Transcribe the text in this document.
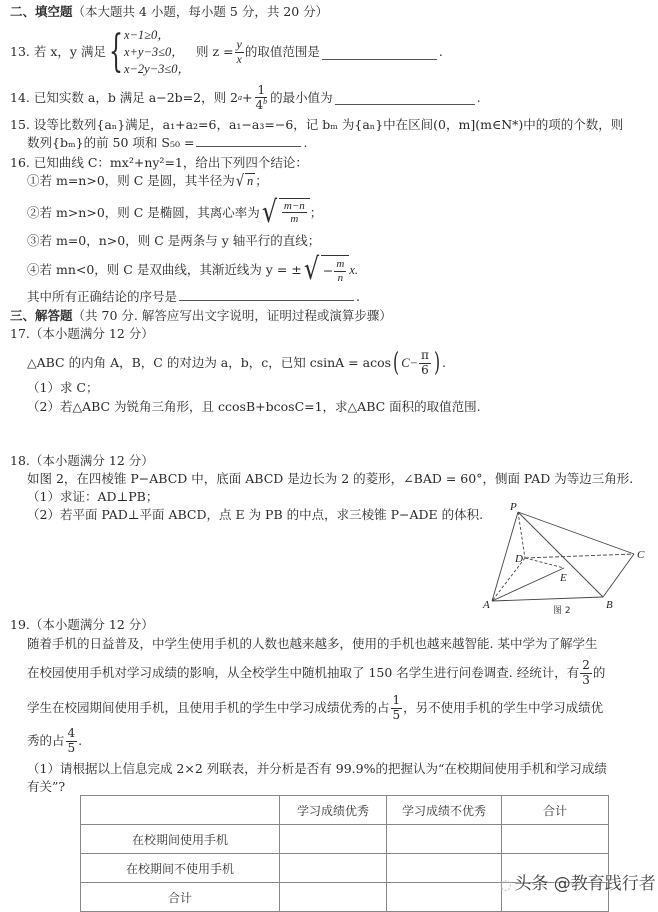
二、填空题（本大题共 4 小题，每小题 5 分，共 20 分）
13. 若 x，y 满足 { x−1≥0，
x+y−3≤0，
x−2y−3≤0，
则 $z = \frac{y}{x}$ 的取值范围是	.
14. 已知实数 a，b 满足 a−2b=2，则 2 $a + \frac{1}{4^b}$ 的最小值为	.
15. 设等比数列{aₙ}满足，a₁+a₂=6，a₁−a₃=−6，记 bₘ 为{aₙ}中在区间(0，m](m∈N*)中的项的个数，则
数列{bₘ}的前 50 项和 S₅₀ =	.
16. 已知曲线 C：mx²+ny²=1，给出下列四个结论：
①若 m=n>0，则 C 是圆，其半径为 √ n ；
②若 m>n>0，则 C 是椭圆，其离心率为 √ $\frac{m-n}{m}$ ；
③若 m=0，n>0，则 C 是两条与 y 轴平行的直线；
④若 mn<0，则 C 是双曲线，其渐近线为 y = ± √ − $\frac{m}{n} x$.
其中所有正确结论的序号是	.
三、解答题（共 70 分. 解答应写出文字说明，证明过程或演算步骤）
17.（本小题满分 12 分）
△ABC 的内角 A，B，C 的对边为 a，b，c，已知 csinA = acos ( $C- \frac{\pi}{6}$ ) .
（1）求 C；
（2）若△ABC 为锐角三角形，且 ccosB+bcosC=1，求△ABC 面积的取值范围.
18.（本小题满分 12 分）
如图 2，在四棱锥 P−ABCD 中，底面 ABCD 是边长为 2 的菱形，∠BAD = 60°，侧面 PAD 为等边三角形.
（1）求证：AD⊥PB；
（2）若平面 PAD⊥平面 ABCD，点 E 为 PB 的中点，求三棱锥 P−ADE 的体积. P
A	B
C
D
E
图 2
19.（本小题满分 12 分）
随着手机的日益普及，中学生使用手机的人数也越来越多，使用的手机也越来越智能. 某中学为了解学生
在校园使用手机对学习成绩的影响，从全校学生中随机抽取了 150 名学生进行问卷调查. 经统计，有 $\frac{2}{3}$ 的
学生在校园期间使用手机，且使用手机的学生中学习成绩优秀的占 $\frac{1}{5}$ ，另不使用手机的学生中学习成绩优
秀的占 $\frac{4}{5}$ .
（1）请根据以上信息完成 2×2 列联表，并分析是否有 99.9%的把握认为“在校期间使用手机和学习成绩
有关”?
	学习成绩优秀	学习成绩不优秀	合计
在校期间使用手机			
在校期间不使用手机			
合计			
◌ 头条 @教育践行者
